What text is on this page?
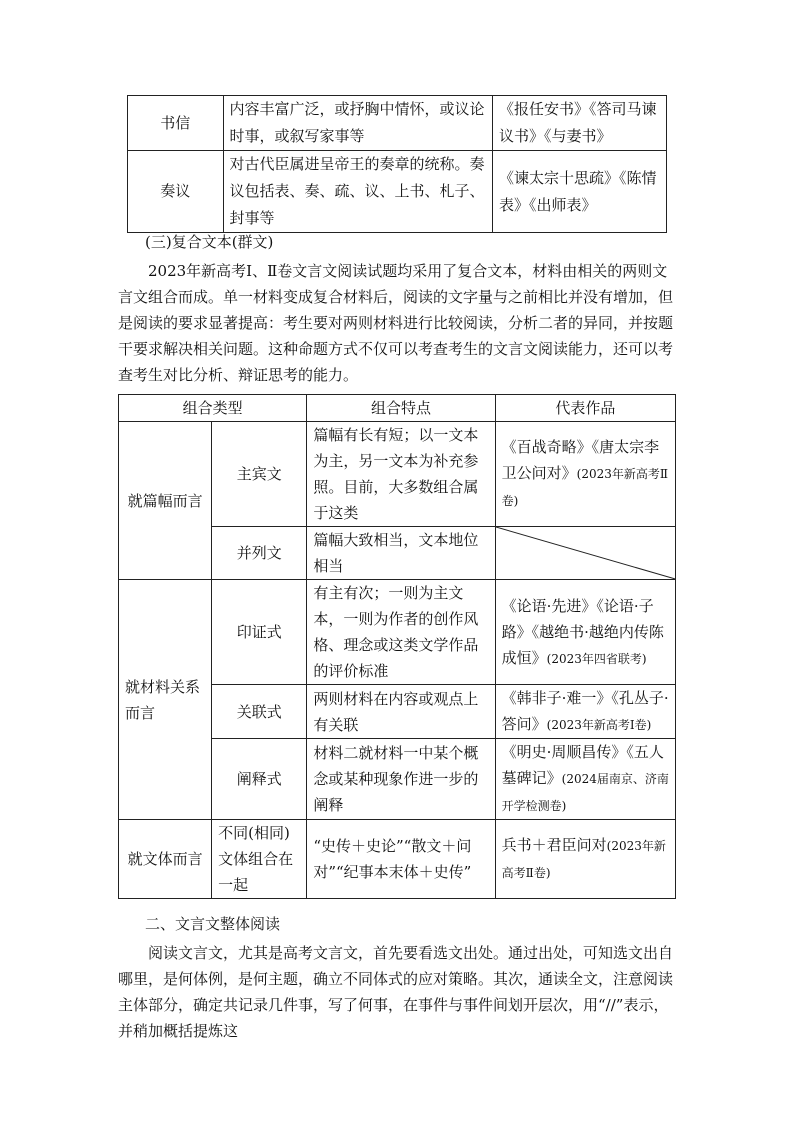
书信	内容丰富广泛，或抒胸中情怀，或议论时事，或叙写家事等	《报任安书》《答司马谏议书》《与妻书》
奏议	对古代臣属进呈帝王的奏章的统称。奏议包括表、奏、疏、议、上书、札子、封事等	《谏太宗十思疏》《陈情表》《出师表》
(三)复合文本(群文)

2023年新高考Ⅰ、Ⅱ卷文言文阅读试题均采用了复合文本，材料由相关的两则文言文组合而成。单一材料变成复合材料后，阅读的文字量与之前相比并没有增加，但是阅读的要求显著提高：考生要对两则材料进行比较阅读，分析二者的异同，并按题干要求解决相关问题。这种命题方式不仅可以考查考生的文言文阅读能力，还可以考查考生对比分析、辩证思考的能力。

组合类型		组合特点	代表作品
就篇幅而言	主宾文	篇幅有长有短；以一文本为主，另一文本为补充参照。目前，大多数组合属于这类	《百战奇略》《唐太宗李卫公问对》(2023年新高考Ⅱ卷)
	并列文	篇幅大致相当，文本地位相当	

就材料关系而言	印证式	有主有次；一则为主文本，一则为作者的创作风格、理念或这类文学作品的评价标准	《论语·先进》《论语·子路》《越绝书·越绝内传陈成恒》(2023年四省联考)
	关联式	两则材料在内容或观点上有关联	《韩非子·难一》《孔丛子·答问》(2023年新高考Ⅰ卷)
	阐释式	材料二就材料一中某个概念或某种现象作进一步的阐释	《明史·周顺昌传》《五人墓碑记》(2024届南京、济南开学检测卷)
就文体而言	不同(相同)文体组合在一起	“史传＋史论”“散文＋问对”“纪事本末体＋史传”	兵书＋君臣问对(2023年新高考Ⅱ卷)
二、文言文整体阅读

阅读文言文，尤其是高考文言文，首先要看选文出处。通过出处，可知选文出自哪里，是何体例，是何主题，确立不同体式的应对策略。其次，通读全文，注意阅读主体部分，确定共记录几件事，写了何事，在事件与事件间划开层次，用“//”表示，并稍加概括提炼这
